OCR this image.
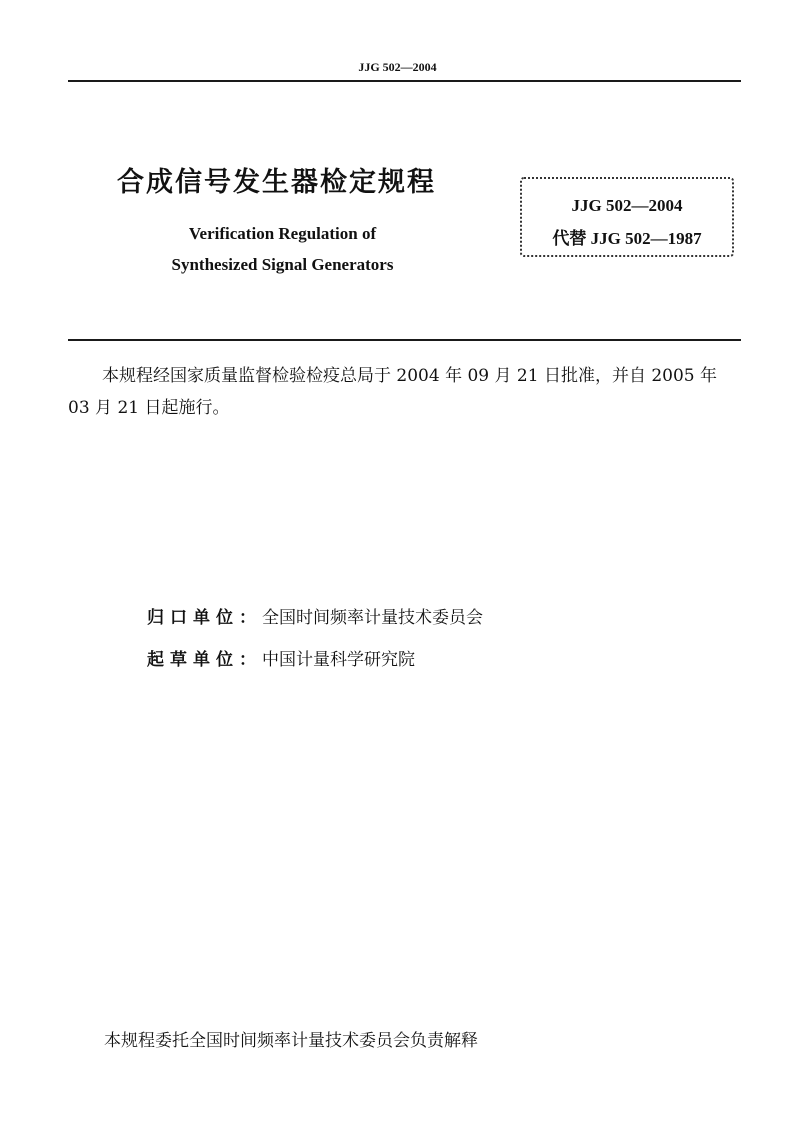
JJG 502—2004
合成信号发生器检定规程
Verification Regulation of
Synthesized Signal Generators
JJG 502—2004
代替 JJG 502—1987
本规程经国家质量监督检验检疫总局于 2004 年 09 月 21 日批准，并自 2005 年 03 月 21 日起施行。
归口单位：全国时间频率计量技术委员会
起草单位：中国计量科学研究院
本规程委托全国时间频率计量技术委员会负责解释
